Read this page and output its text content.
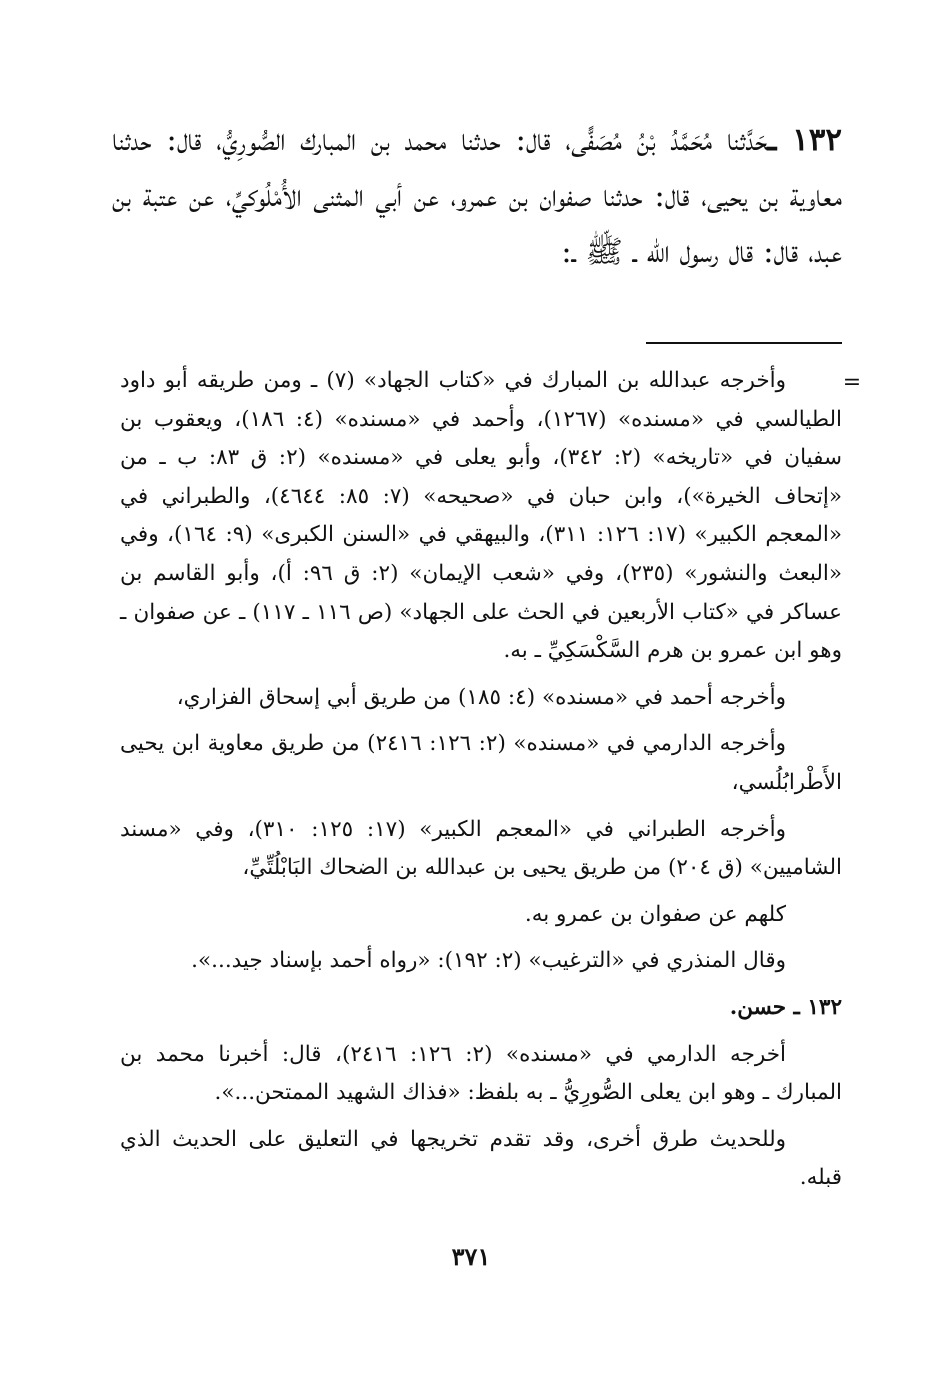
١٣٢ ـحَدَّثنا مُحَمَّدُ بْنُ مُصَفًّى، قال: حدثنا محمد بن المبارك الصُّورِيُّ، قال: حدثنا معاوية بن يحيى، قال: حدثنا صفوان بن عمرو، عن أبي المثنى الأُمْلُوكيِّ، عن عتبة بن عبد، قال: قال رسول الله ـ ﷺ ـ:

=

وأخرجه عبدالله بن المبارك في «كتاب الجهاد» (٧) ـ ومن طريقه أبو داود الطيالسي في «مسنده» (١٢٦٧)، وأحمد في «مسنده» (٤: ١٨٦)، ويعقوب بن سفيان في «تاريخه» (٢: ٣٤٢)، وأبو يعلى في «مسنده» (٢: ق ٨٣: ب ـ من «إتحاف الخيرة»)، وابن حبان في «صحيحه» (٧: ٨٥: ٤٦٤٤)، والطبراني في «المعجم الكبير» (١٧: ١٢٦: ٣١١)، والبيهقي في «السنن الكبرى» (٩: ١٦٤)، وفي «البعث والنشور» (٢٣٥)، وفي «شعب الإيمان» (٢: ق ٩٦: أ)، وأبو القاسم بن عساكر في «كتاب الأربعين في الحث على الجهاد» (ص ١١٦ ـ ١١٧) ـ عن صفوان ـ وهو ابن عمرو بن هرم السَّكْسَكِيِّ ـ به.

وأخرجه أحمد في «مسنده» (٤: ١٨٥) من طريق أبي إسحاق الفزاري،

وأخرجه الدارمي في «مسنده» (٢: ١٢٦: ٢٤١٦) من طريق معاوية ابن يحيى الأَطْرابُلُسي،

وأخرجه الطبراني في «المعجم الكبير» (١٧: ١٢٥: ٣١٠)، وفي «مسند الشاميين» (ق ٢٠٤) من طريق يحيى بن عبدالله بن الضحاك البَابْلُتِّيِّ،

كلهم عن صفوان بن عمرو به.

وقال المنذري في «الترغيب» (٢: ١٩٢): «رواه أحمد بإسناد جيد...».

١٣٢ ـ حسن.

أخرجه الدارمي في «مسنده» (٢: ١٢٦: ٢٤١٦)، قال: أخبرنا محمد بن المبارك ـ وهو ابن يعلى الصُّورِيُّ ـ به بلفظ: «فذاك الشهيد الممتحن...».

وللحديث طرق أخرى، وقد تقدم تخريجها في التعليق على الحديث الذي قبله.

٣٧١
